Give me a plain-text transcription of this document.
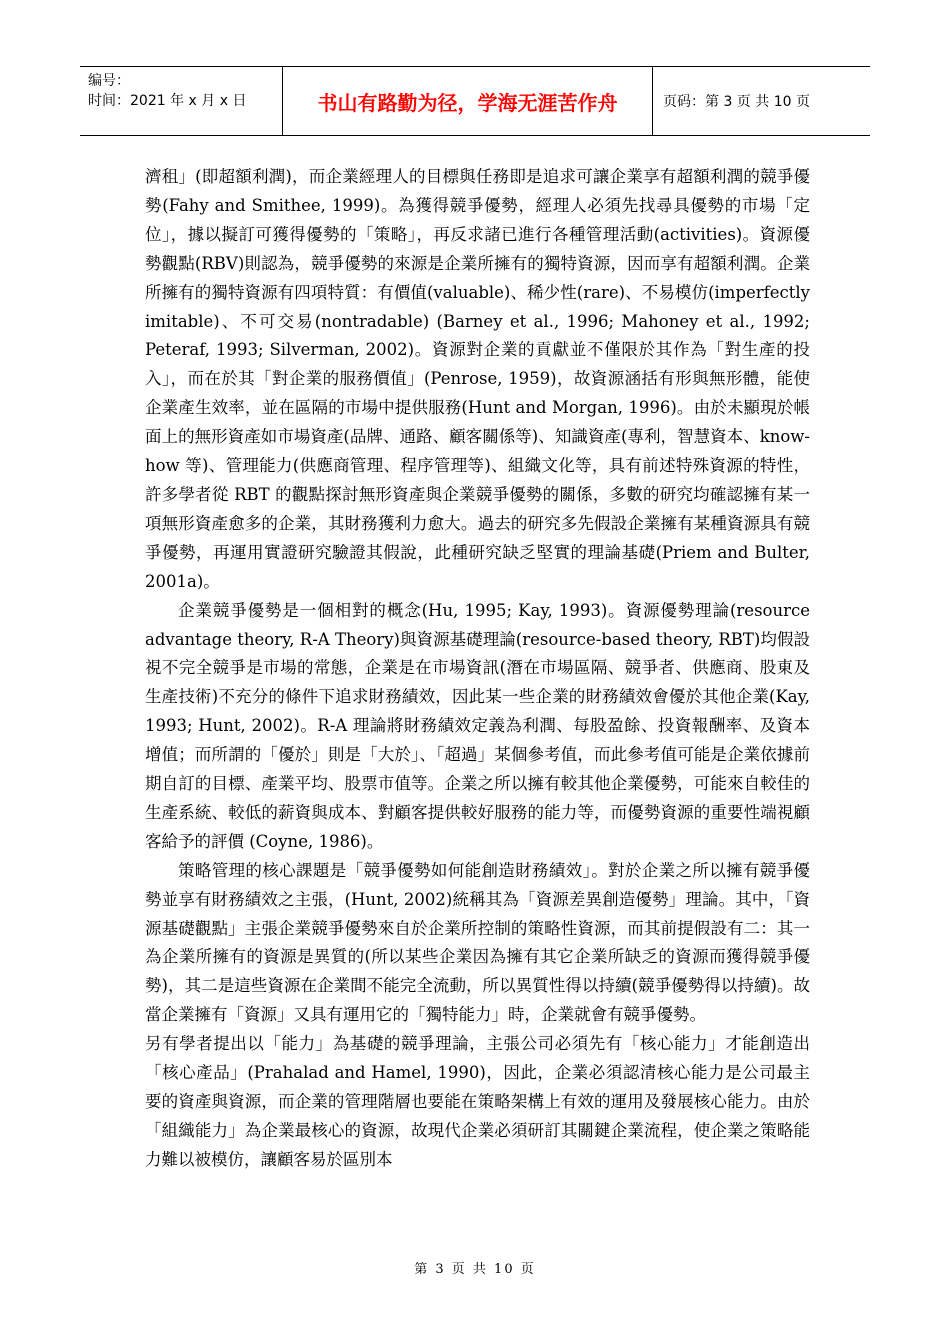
编号：
时间：2021 年 x 月 x 日	书山有路勤为径，学海无涯苦作舟	页码：第 3 页 共 10 页

濟租」(即超額利潤)，而企業經理人的目標與任務即是追求可讓企業享有超額利潤的競爭優勢(Fahy and Smithee, 1999)。為獲得競爭優勢，經理人必須先找尋具優勢的市場「定位」，據以擬訂可獲得優勢的「策略」，再反求諸已進行各種管理活動(activities)。資源優勢觀點(RBV)則認為，競爭優勢的來源是企業所擁有的獨特資源，因而享有超額利潤。企業所擁有的獨特資源有四項特質：有價值(valuable)、稀少性(rare)、不易模仿(imperfectly imitable)、不可交易(nontradable) (Barney et al., 1996; Mahoney et al., 1992; Peteraf, 1993; Silverman, 2002)。資源對企業的貢獻並不僅限於其作為「對生產的投入」，而在於其「對企業的服務價值」(Penrose, 1959)，故資源涵括有形與無形體，能使企業產生效率，並在區隔的市場中提供服務(Hunt and Morgan, 1996)。由於未顯現於帳面上的無形資產如市場資產(品牌、通路、顧客關係等)、知識資產(專利，智慧資本、know-how 等)、管理能力(供應商管理、程序管理等)、組織文化等，具有前述特殊資源的特性，許多學者從 RBT 的觀點探討無形資產與企業競爭優勢的關係，多數的研究均確認擁有某一項無形資產愈多的企業，其財務獲利力愈大。過去的研究多先假設企業擁有某種資源具有競爭優勢，再運用實證研究驗證其假說，此種研究缺乏堅實的理論基礎(Priem and Bulter, 2001a)。

企業競爭優勢是一個相對的概念(Hu, 1995; Kay, 1993)。資源優勢理論(resource advantage theory, R-A Theory)與資源基礎理論(resource-based theory, RBT)均假設視不完全競爭是市場的常態，企業是在市場資訊(潛在市場區隔、競爭者、供應商、股東及生產技術)不充分的條件下追求財務績效，因此某一些企業的財務績效會優於其他企業(Kay, 1993; Hunt, 2002)。R-A 理論將財務績效定義為利潤、每股盈餘、投資報酬率、及資本增值；而所謂的「優於」則是「大於」、「超過」某個參考值，而此參考值可能是企業依據前期自訂的目標、產業平均、股票市值等。企業之所以擁有較其他企業優勢，可能來自較佳的生產系統、較低的薪資與成本、對顧客提供較好服務的能力等，而優勢資源的重要性端視顧客給予的評價 (Coyne, 1986)。

策略管理的核心課題是「競爭優勢如何能創造財務績效」。對於企業之所以擁有競爭優勢並享有財務績效之主張，(Hunt, 2002)統稱其為「資源差異創造優勢」理論。其中，「資源基礎觀點」主張企業競爭優勢來自於企業所控制的策略性資源，而其前提假設有二：其一為企業所擁有的資源是異質的(所以某些企業因為擁有其它企業所缺乏的資源而獲得競爭優勢)，其二是這些資源在企業間不能完全流動，所以異質性得以持續(競爭優勢得以持續)。故當企業擁有「資源」又具有運用它的「獨特能力」時，企業就會有競爭優勢。

另有學者提出以「能力」為基礎的競爭理論，主張公司必須先有「核心能力」才能創造出「核心產品」(Prahalad and Hamel, 1990)，因此，企業必須認清核心能力是公司最主要的資產與資源，而企業的管理階層也要能在策略架構上有效的運用及發展核心能力。由於「組織能力」為企業最核心的資源，故現代企業必須研訂其關鍵企業流程，使企業之策略能力難以被模仿，讓顧客易於區別本

第 3 页 共 10 页
